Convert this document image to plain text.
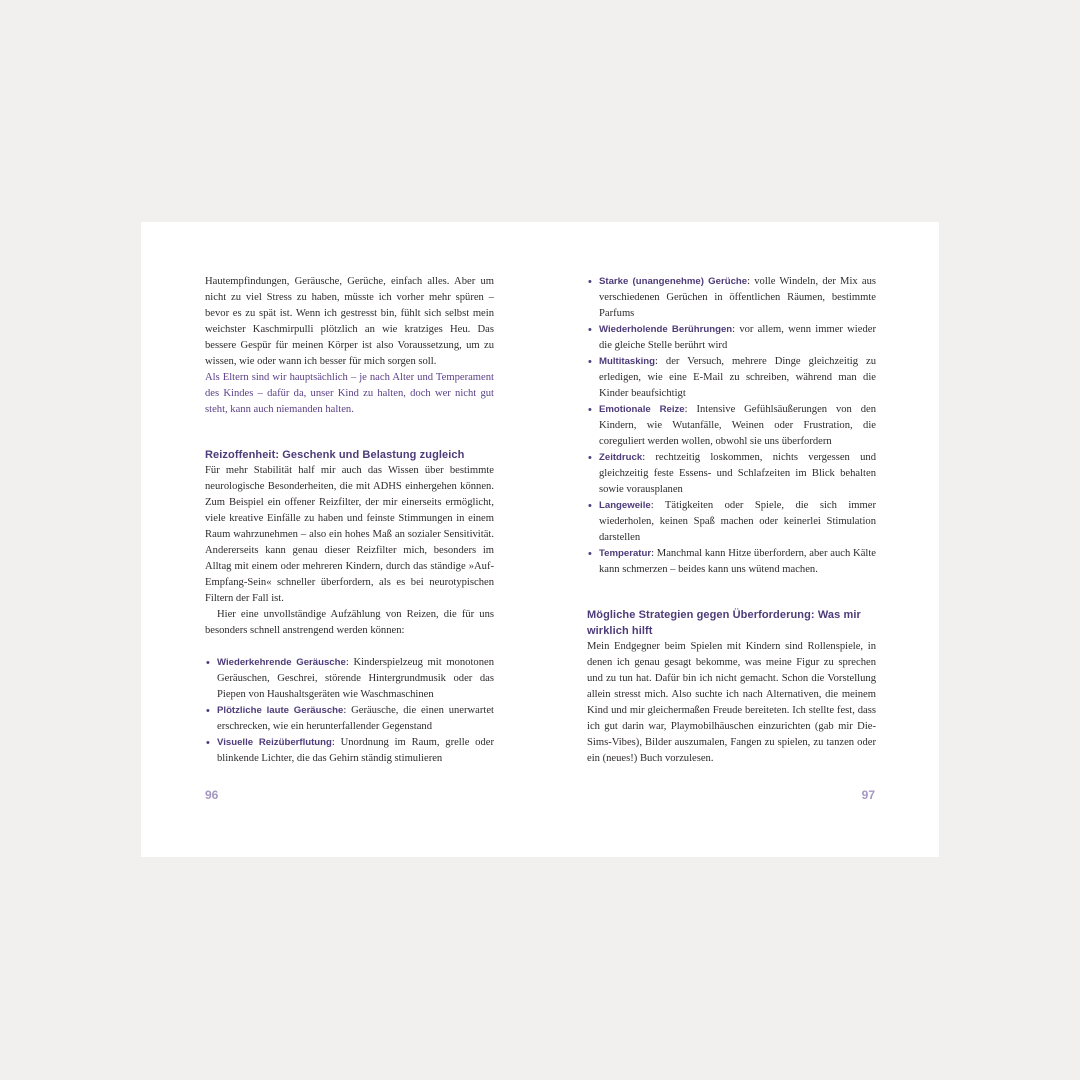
Hautempfindungen, Geräusche, Gerüche, einfach alles. Aber um nicht zu viel Stress zu haben, müsste ich vorher mehr spüren – bevor es zu spät ist. Wenn ich gestresst bin, fühlt sich selbst mein weichster Kaschmirpulli plötzlich an wie kratziges Heu. Das bessere Gespür für meinen Körper ist also Voraussetzung, um zu wissen, wie oder wann ich besser für mich sorgen soll.

Als Eltern sind wir hauptsächlich – je nach Alter und Temperament des Kindes – dafür da, unser Kind zu halten, doch wer nicht gut steht, kann auch niemanden halten.

Reizoffenheit: Geschenk und Belastung zugleich

Für mehr Stabilität half mir auch das Wissen über bestimmte neurologische Besonderheiten, die mit ADHS einhergehen können. Zum Beispiel ein offener Reizfilter, der mir einerseits ermöglicht, viele kreative Einfälle zu haben und feinste Stimmungen in einem Raum wahrzunehmen – also ein hohes Maß an sozialer Sensitivität. Andererseits kann genau dieser Reizfilter mich, besonders im Alltag mit einem oder mehreren Kindern, durch das ständige »Auf-Empfang-Sein« schneller überfordern, als es bei neurotypischen Filtern der Fall ist.

Hier eine unvollständige Aufzählung von Reizen, die für uns besonders schnell anstrengend werden können:

• Wiederkehrende Geräusche: Kinderspielzeug mit monotonen Geräuschen, Geschrei, störende Hintergrundmusik oder das Piepen von Haushaltsgeräten wie Waschmaschinen
• Plötzliche laute Geräusche: Geräusche, die einen unerwartet erschrecken, wie ein herunterfallender Gegenstand
• Visuelle Reizüberflutung: Unordnung im Raum, grelle oder blinkende Lichter, die das Gehirn ständig stimulieren
96
• Starke (unangenehme) Gerüche: volle Windeln, der Mix aus verschiedenen Gerüchen in öffentlichen Räumen, bestimmte Parfums
• Wiederholende Berührungen: vor allem, wenn immer wieder die gleiche Stelle berührt wird
• Multitasking: der Versuch, mehrere Dinge gleichzeitig zu erledigen, wie eine E-Mail zu schreiben, während man die Kinder beaufsichtigt
• Emotionale Reize: Intensive Gefühlsäußerungen von den Kindern, wie Wutanfälle, Weinen oder Frustration, die coreguliert werden wollen, obwohl sie uns überfordern
• Zeitdruck: rechtzeitig loskommen, nichts vergessen und gleichzeitig feste Essens- und Schlafzeiten im Blick behalten sowie vorausplanen
• Langeweile: Tätigkeiten oder Spiele, die sich immer wiederholen, keinen Spaß machen oder keinerlei Stimulation darstellen
• Temperatur: Manchmal kann Hitze überfordern, aber auch Kälte kann schmerzen – beides kann uns wütend machen.
Mögliche Strategien gegen Überforderung: Was mir wirklich hilft

Mein Endgegner beim Spielen mit Kindern sind Rollenspiele, in denen ich genau gesagt bekomme, was meine Figur zu sprechen und zu tun hat. Dafür bin ich nicht gemacht. Schon die Vorstellung allein stresst mich. Also suchte ich nach Alternativen, die meinem Kind und mir gleichermaßen Freude bereiteten. Ich stellte fest, dass ich gut darin war, Playmobilhäuschen einzurichten (gab mir Die-Sims-Vibes), Bilder auszumalen, Fangen zu spielen, zu tanzen oder ein (neues!) Buch vorzulesen.

97
